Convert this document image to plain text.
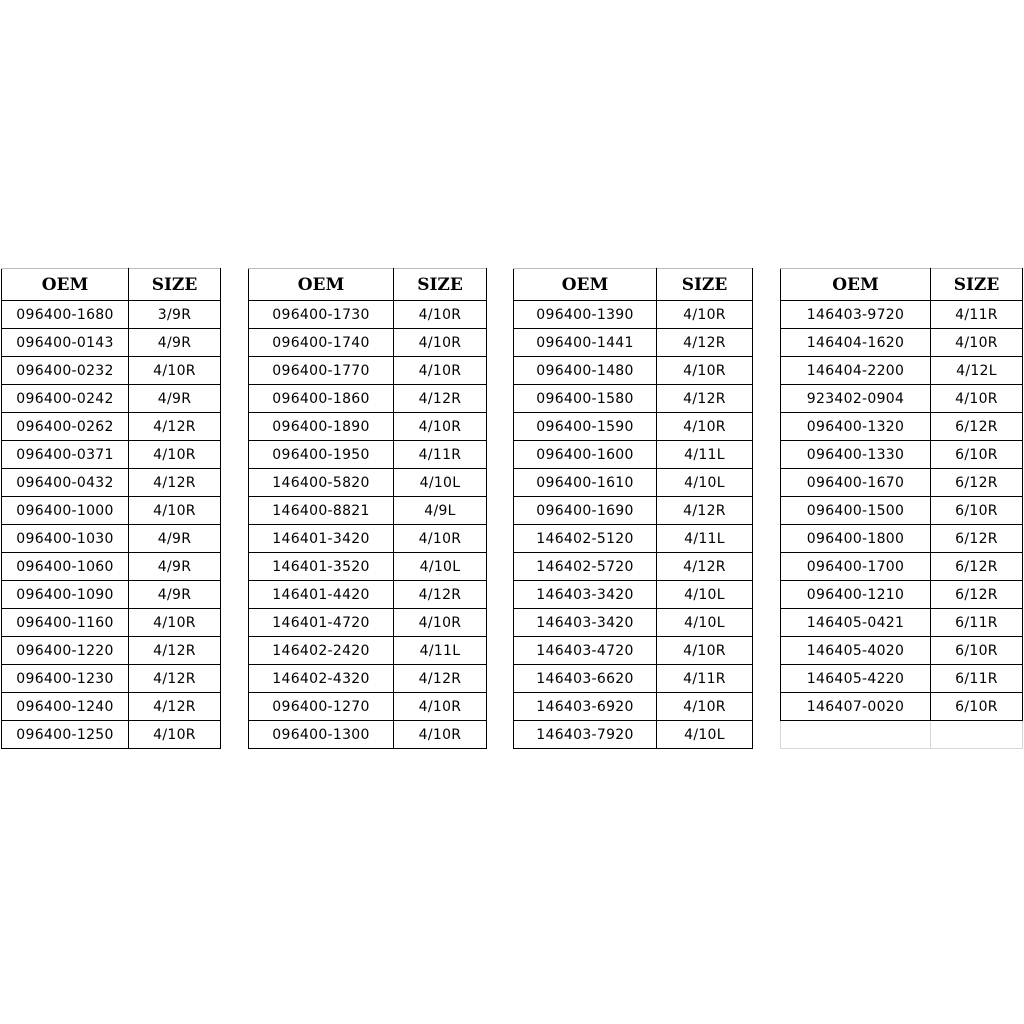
OEM	SIZE
096400-1680	3/9R
096400-0143	4/9R
096400-0232	4/10R
096400-0242	4/9R
096400-0262	4/12R
096400-0371	4/10R
096400-0432	4/12R
096400-1000	4/10R
096400-1030	4/9R
096400-1060	4/9R
096400-1090	4/9R
096400-1160	4/10R
096400-1220	4/12R
096400-1230	4/12R
096400-1240	4/12R
096400-1250	4/10R
OEM	SIZE
096400-1730	4/10R
096400-1740	4/10R
096400-1770	4/10R
096400-1860	4/12R
096400-1890	4/10R
096400-1950	4/11R
146400-5820	4/10L
146400-8821	4/9L
146401-3420	4/10R
146401-3520	4/10L
146401-4420	4/12R
146401-4720	4/10R
146402-2420	4/11L
146402-4320	4/12R
096400-1270	4/10R
096400-1300	4/10R
OEM	SIZE
096400-1390	4/10R
096400-1441	4/12R
096400-1480	4/10R
096400-1580	4/12R
096400-1590	4/10R
096400-1600	4/11L
096400-1610	4/10L
096400-1690	4/12R
146402-5120	4/11L
146402-5720	4/12R
146403-3420	4/10L
146403-3420	4/10L
146403-4720	4/10R
146403-6620	4/11R
146403-6920	4/10R
146403-7920	4/10L
OEM	SIZE
146403-9720	4/11R
146404-1620	4/10R
146404-2200	4/12L
923402-0904	4/10R
096400-1320	6/12R
096400-1330	6/10R
096400-1670	6/12R
096400-1500	6/10R
096400-1800	6/12R
096400-1700	6/12R
096400-1210	6/12R
146405-0421	6/11R
146405-4020	6/10R
146405-4220	6/11R
146407-0020	6/10R
